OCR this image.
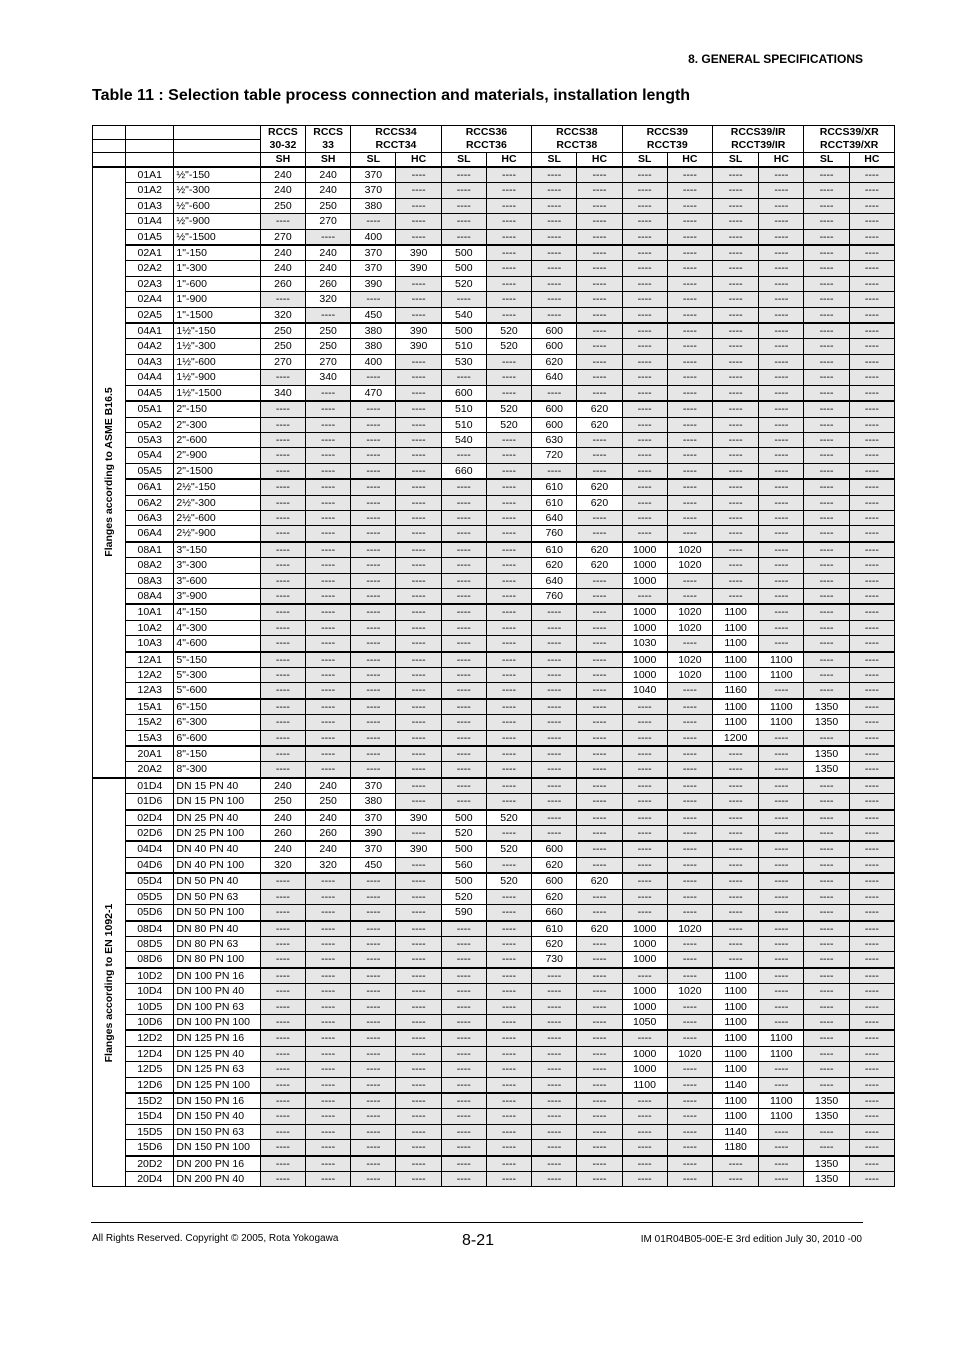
8. GENERAL SPECIFICATIONS
Table 11 : Selection table process connection and materials, installation length
			RCCS	RCCS	RCCS34		RCCS36		RCCS38		RCCS39		RCCS39/IR		RCCS39/XR	
			30-32	33	RCCT34		RCCT36		RCCT38		RCCT39		RCCT39/IR		RCCT39/XR	
			SH	SH	SL	HC	SL	HC	SL	HC	SL	HC	SL	HC	SL	HC

Flanges according to ASME B16.5	01A1	½"-150	240	240	370	----	----	----	----	----	----	----	----	----	----	----
	01A2	½"-300	240	240	370	----	----	----	----	----	----	----	----	----	----	----
	01A3	½"-600	250	250	380	----	----	----	----	----	----	----	----	----	----	----
	01A4	½"-900	----	270	----	----	----	----	----	----	----	----	----	----	----	----
	01A5	½"-1500	270	----	400	----	----	----	----	----	----	----	----	----	----	----
	02A1	1"-150	240	240	370	390	500	----	----	----	----	----	----	----	----	----
	02A2	1"-300	240	240	370	390	500	----	----	----	----	----	----	----	----	----
	02A3	1"-600	260	260	390	----	520	----	----	----	----	----	----	----	----	----
	02A4	1"-900	----	320	----	----	----	----	----	----	----	----	----	----	----	----
	02A5	1"-1500	320	----	450	----	540	----	----	----	----	----	----	----	----	----
	04A1	1½"-150	250	250	380	390	500	520	600	----	----	----	----	----	----	----
	04A2	1½"-300	250	250	380	390	510	520	600	----	----	----	----	----	----	----
	04A3	1½"-600	270	270	400	----	530	----	620	----	----	----	----	----	----	----
	04A4	1½"-900	----	340	----	----	----	----	640	----	----	----	----	----	----	----
	04A5	1½"-1500	340	----	470	----	600	----	----	----	----	----	----	----	----	----
	05A1	2"-150	----	----	----	----	510	520	600	620	----	----	----	----	----	----
	05A2	2"-300	----	----	----	----	510	520	600	620	----	----	----	----	----	----
	05A3	2"-600	----	----	----	----	540	----	630	----	----	----	----	----	----	----
	05A4	2"-900	----	----	----	----	----	----	720	----	----	----	----	----	----	----
	05A5	2"-1500	----	----	----	----	660	----	----	----	----	----	----	----	----	----
	06A1	2½"-150	----	----	----	----	----	----	610	620	----	----	----	----	----	----
	06A2	2½"-300	----	----	----	----	----	----	610	620	----	----	----	----	----	----
	06A3	2½"-600	----	----	----	----	----	----	640	----	----	----	----	----	----	----
	06A4	2½"-900	----	----	----	----	----	----	760	----	----	----	----	----	----	----
	08A1	3"-150	----	----	----	----	----	----	610	620	1000	1020	----	----	----	----
	08A2	3"-300	----	----	----	----	----	----	620	620	1000	1020	----	----	----	----
	08A3	3"-600	----	----	----	----	----	----	640	----	1000	----	----	----	----	----
	08A4	3"-900	----	----	----	----	----	----	760	----	----	----	----	----	----	----
	10A1	4"-150	----	----	----	----	----	----	----	----	1000	1020	1100	----	----	----
	10A2	4"-300	----	----	----	----	----	----	----	----	1000	1020	1100	----	----	----
	10A3	4"-600	----	----	----	----	----	----	----	----	1030	----	1100	----	----	----
	12A1	5"-150	----	----	----	----	----	----	----	----	1000	1020	1100	1100	----	----
	12A2	5"-300	----	----	----	----	----	----	----	----	1000	1020	1100	1100	----	----
	12A3	5"-600	----	----	----	----	----	----	----	----	1040	----	1160	----	----	----
	15A1	6"-150	----	----	----	----	----	----	----	----	----	----	1100	1100	1350	----
	15A2	6"-300	----	----	----	----	----	----	----	----	----	----	1100	1100	1350	----
	15A3	6"-600	----	----	----	----	----	----	----	----	----	----	1200	----	----	----
	20A1	8"-150	----	----	----	----	----	----	----	----	----	----	----	----	1350	----
	20A2	8"-300	----	----	----	----	----	----	----	----	----	----	----	----	1350	----

Flanges according to EN 1092-1	01D4	DN 15 PN 40	240	240	370	----	----	----	----	----	----	----	----	----	----	----
	01D6	DN 15 PN 100	250	250	380	----	----	----	----	----	----	----	----	----	----	----
	02D4	DN 25 PN 40	240	240	370	390	500	520	----	----	----	----	----	----	----	----
	02D6	DN 25 PN 100	260	260	390	----	520	----	----	----	----	----	----	----	----	----
	04D4	DN 40 PN 40	240	240	370	390	500	520	600	----	----	----	----	----	----	----
	04D6	DN 40 PN 100	320	320	450	----	560	----	620	----	----	----	----	----	----	----
	05D4	DN 50 PN 40	----	----	----	----	500	520	600	620	----	----	----	----	----	----
	05D5	DN 50 PN 63	----	----	----	----	520	----	620	----	----	----	----	----	----	----
	05D6	DN 50 PN 100	----	----	----	----	590	----	660	----	----	----	----	----	----	----
	08D4	DN 80 PN 40	----	----	----	----	----	----	610	620	1000	1020	----	----	----	----
	08D5	DN 80 PN 63	----	----	----	----	----	----	620	----	1000	----	----	----	----	----
	08D6	DN 80 PN 100	----	----	----	----	----	----	730	----	1000	----	----	----	----	----
	10D2	DN 100 PN 16	----	----	----	----	----	----	----	----	----	----	1100	----	----	----
	10D4	DN 100 PN 40	----	----	----	----	----	----	----	----	1000	1020	1100	----	----	----
	10D5	DN 100 PN 63	----	----	----	----	----	----	----	----	1000	----	1100	----	----	----
	10D6	DN 100 PN 100	----	----	----	----	----	----	----	----	1050	----	1100	----	----	----
	12D2	DN 125 PN 16	----	----	----	----	----	----	----	----	----	----	1100	1100	----	----
	12D4	DN 125 PN 40	----	----	----	----	----	----	----	----	1000	1020	1100	1100	----	----
	12D5	DN 125 PN 63	----	----	----	----	----	----	----	----	1000	----	1100	----	----	----
	12D6	DN 125 PN 100	----	----	----	----	----	----	----	----	1100	----	1140	----	----	----
	15D2	DN 150 PN 16	----	----	----	----	----	----	----	----	----	----	1100	1100	1350	----
	15D4	DN 150 PN 40	----	----	----	----	----	----	----	----	----	----	1100	1100	1350	----
	15D5	DN 150 PN 63	----	----	----	----	----	----	----	----	----	----	1140	----	----	----
	15D6	DN 150 PN 100	----	----	----	----	----	----	----	----	----	----	1180	----	----	----
	20D2	DN 200 PN 16	----	----	----	----	----	----	----	----	----	----	----	----	1350	----
	20D4	DN 200 PN 40	----	----	----	----	----	----	----	----	----	----	----	----	1350	----
All Rights Reserved. Copyright © 2005, Rota Yokogawa	8-21	IM 01R04B05-00E-E 3rd edition July 30, 2010 -00
